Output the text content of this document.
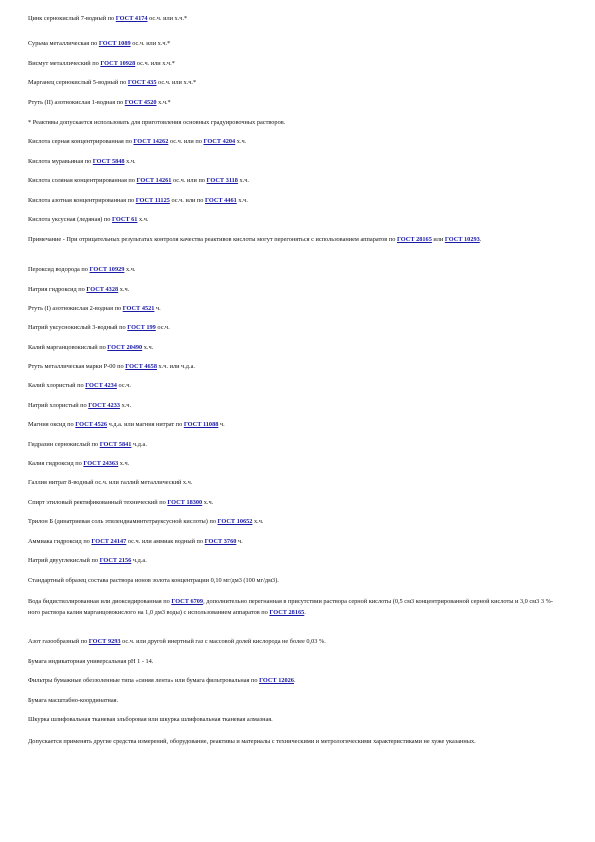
Цинк сернокислый 7-водный по ГОСТ 4174 ос.ч. или х.ч.*
Сурьма металлическая по ГОСТ 1089 ос.ч. или х.ч.*
Висмут металлический по ГОСТ 10928 ос.ч. или х.ч.*
Марганец сернокислый 5-водный по ГОСТ 435 ос.ч. или х.ч.*
Ртуть (II) азотнокислая 1-водная по ГОСТ 4520 х.ч.*
* Реактивы допускается использовать для приготовления основных градуировочных растворов.
Кислота серная концентрированная по ГОСТ 14262 ос.ч. или по ГОСТ 4204 х.ч.
Кислота муравьиная по ГОСТ 5848 х.ч.
Кислота соляная концентрированная по ГОСТ 14261 ос.ч. или по ГОСТ 3118 х.ч.
Кислота азотная концентрированная по ГОСТ 11125 ос.ч. или по ГОСТ 4461 х.ч.
Кислота уксусная (ледяная) по ГОСТ 61 х.ч.
Примечание - При отрицательных результатах контроля качества реактивов кислоты могут перегоняться с использованием аппаратов по ГОСТ 28165 или ГОСТ 10293.
Пероксид водорода по ГОСТ 10929 х.ч.
Натрия гидроксид по ГОСТ 4328 х.ч.
Ртуть (I) азотнокислая 2-водная по ГОСТ 4521 ч.
Натрий уксуснокислый 3-водный по ГОСТ 199 ос.ч.
Калий марганцовокислый по ГОСТ 20490 х.ч.
Ртуть металлическая марки Р-00 по ГОСТ 4658 х.ч. или ч.д.а.
Калий хлористый по ГОСТ 4234 ос.ч.
Натрий хлористый по ГОСТ 4233 х.ч.
Магния оксид по ГОСТ 4526 ч.д.а. или магния нитрат по ГОСТ 11088 ч.
Гидразин сернокислый по ГОСТ 5841 ч.д.а.
Калия гидроксид по ГОСТ 24363 х.ч.
Галлия нитрат 8-водный ос.ч. или галлий металлический х.ч.
Спирт этиловый ректификованный технический по ГОСТ 18300 х.ч.
Трилон Б (динатриевая соль этилендиаминтетрауксусной кислоты) по ГОСТ 10652 х.ч.
Аммиака гидроксид по ГОСТ 24147 ос.ч. или аммиак водный по ГОСТ 3760 ч.
Натрий двууглекислый по ГОСТ 2156 ч.д.а.
Стандартный образец состава раствора ионов золота концентрации 0,10 мг/дм3 (100 мг/дм3).
Вода бидистиллированная или диоксидированная по ГОСТ 6709, дополнительно перегнанная в присутствии раствора серной кислоты (0,5 см3 концентрированной серной кислоты и 3,0 см3 3 %-ного раствора калия марганцовокислого на 1,0 дм3 воды) с использованием аппаратов по ГОСТ 28165.
Азот газообразный по ГОСТ 9293 ос.ч. или другой инертный газ с массовой долей кислорода не более 0,03 %.
Бумага индикаторная универсальная pH 1 - 14.
Фильтры бумажные обеззоленные типа «синяя лента» или бумага фильтровальная по ГОСТ 12026.
Бумага масштабно-координатная.
Шкурка шлифовальная тканевая эльборовая или шкурка шлифовальная тканевая алмазная.
Допускается применять другие средства измерений, оборудование, реактивы и материалы с техническими и метрологическими характеристиками не хуже указанных.
